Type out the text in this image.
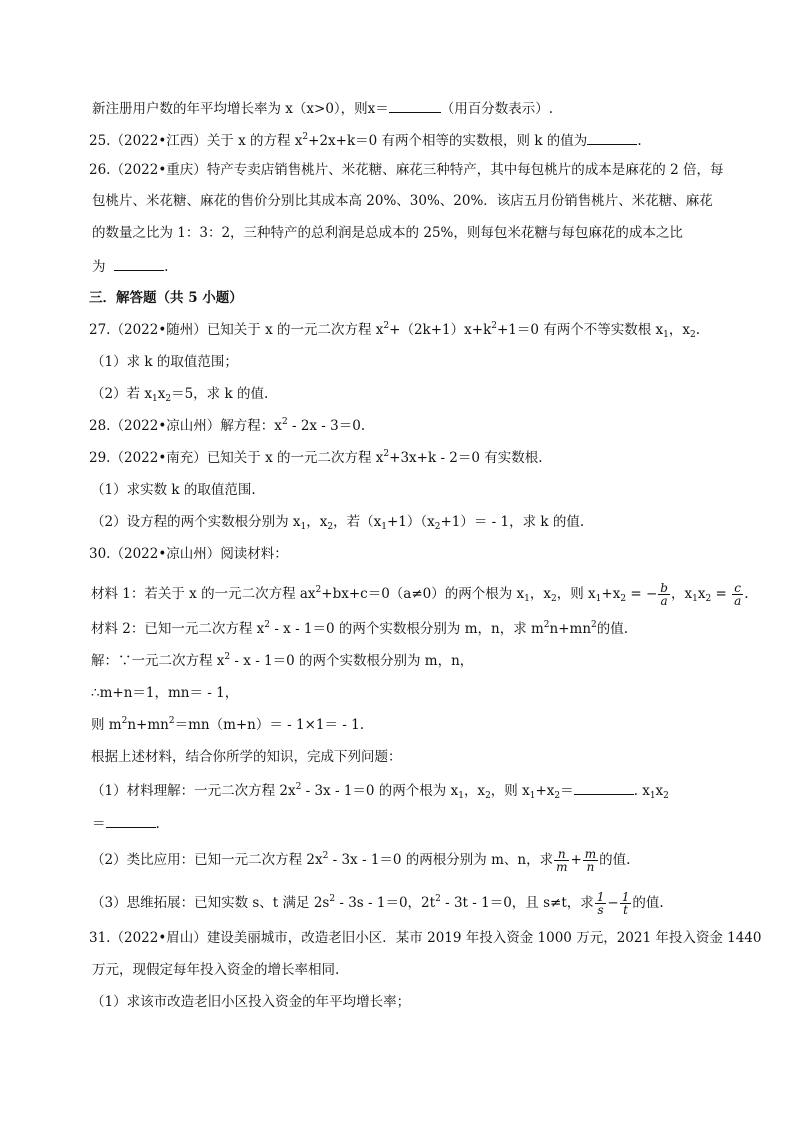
新注册用户数的年平均增长率为 x（x>0），则x＝	（用百分数表示）.
25.（2022•江西）关于 x 的方程 $x^2+2x+k=0$ 有两个相等的实数根，则 k 的值为	.
26.（2022•重庆）特产专卖店销售桃片、米花糖、麻花三种特产，其中每包桃片的成本是麻花的 2 倍，每
包桃片、米花糖、麻花的售价分别比其成本高 20%、30%、20%．该店五月份销售桃片、米花糖、麻花
的数量之比为 1：3：2，三种特产的总利润是总成本的 25%，则每包米花糖与每包麻花的成本之比
为	.
三．解答题（共 5 小题）
27.（2022•随州）已知关于 x 的一元二次方程 $x^2+(2k+1)x+k^2+1=0$ 有两个不等实数根 $x_1$，$x_2$.
（1）求 k 的取值范围；
（2）若 $x_1x_2=5$，求 k 的值.
28.（2022•凉山州）解方程：$x^2 - 2x - 3=0$.
29.（2022•南充）已知关于 x 的一元二次方程 $x^2+3x+k - 2=0$ 有实数根.
（1）求实数 k 的取值范围.
（2）设方程的两个实数根分别为 $x_1$，$x_2$，若$(x_1+1)(x_2+1)= - 1$，求 k 的值.
30.（2022•凉山州）阅读材料：
材料 1：若关于 x 的一元二次方程 $ax^2+bx+c=0(a\ne 0)$的两个根为 $x_1$，$x_2$，则 $x_1+x_2$ = − $\frac{b}{a}$ ，$x_1x_2 = \frac{c}{a}$ .
材料 2：已知一元二次方程 $x^2 - x - 1=0$ 的两个实数根分别为 m，n，求 $m^2n+mn^2$的值.
解：∵一元二次方程 $x^2 - x - 1=0$ 的两个实数根分别为 m，n，
∴m+n＝1，mn＝ - 1，
则 $m^2n+mn^2=mn(m+n)= - 1\times 1= - 1$.
根据上述材料，结合你所学的知识，完成下列问题：
（1）材料理解：一元二次方程 $2x^2 - 3x - 1=0$ 的两个根为 $x_1$，$x_2$，则 $x_1+x_2=$	. $x_1x_2$
＝	.
（2）类比应用：已知一元二次方程 $2x^2 - 3x - 1=0$ 的两根分别为 m、n，求 $\frac{n}{m} + \frac{m}{n}$ 的值.
（3）思维拓展：已知实数 s、t 满足 $2s^2 - 3s - 1=0$，$2t^2 - 3t - 1=0$，且 s≠t，求 $\frac{1}{s} - \frac{1}{t}$ 的值.
31.（2022•眉山）建设美丽城市，改造老旧小区．某市 2019 年投入资金 1000 万元，2021 年投入资金 1440
万元，现假定每年投入资金的增长率相同.
（1）求该市改造老旧小区投入资金的年平均增长率；
